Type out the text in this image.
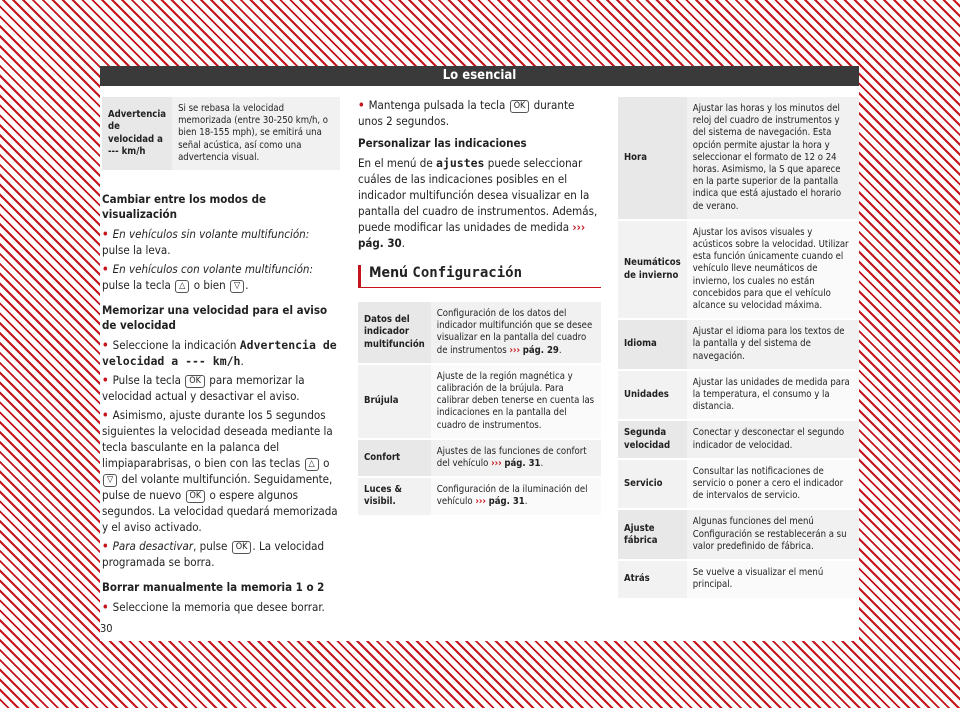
Lo esencial
Advertencia de velocidad a --- km/h	Si se rebasa la velocidad memorizada (entre 30-250 km/h, o bien 18-155 mph), se emitirá una señal acústica, así como una advertencia visual.

Cambiar entre los modos de visualización

• En vehículos sin volante multifunción: pulse la leva.

• En vehículos con volante multifunción: pulse la tecla △ o bien ▽ .

Memorizar una velocidad para el aviso de velocidad

• Seleccione la indicación Advertencia de velocidad a --- km/h.

• Pulse la tecla OK para memorizar la velocidad actual y desactivar el aviso.

• Asimismo, ajuste durante los 5 segundos siguientes la velocidad deseada mediante la tecla basculante en la palanca del limpiaparabrisas, o bien con las teclas △ o ▽ del volante multifunción. Seguidamente, pulse de nuevo OK o espere algunos segundos. La velocidad quedará memorizada y el aviso activado.

• Para desactivar, pulse OK . La velocidad programada se borra.

Borrar manualmente la memoria 1 o 2

• Seleccione la memoria que desee borrar.

• Mantenga pulsada la tecla OK durante unos 2 segundos.

Personalizar las indicaciones

En el menú de ajustes puede seleccionar cuáles de las indicaciones posibles en el indicador multifunción desea visualizar en la pantalla del cuadro de instrumentos. Además, puede modificar las unidades de medida ››› pág. 30.

Menú Configuración
Datos del indicador multifunción	Configuración de los datos del indicador multifunción que se desee visualizar en la pantalla del cuadro de instrumentos ››› pág. 29.
Brújula	Ajuste de la región magnética y calibración de la brújula. Para calibrar deben tenerse en cuenta las indicaciones en la pantalla del cuadro de instrumentos.
Confort	Ajustes de las funciones de confort del vehículo ››› pág. 31.
Luces & visibil.	Configuración de la iluminación del vehículo ››› pág. 31.
Hora	Ajustar las horas y los minutos del reloj del cuadro de instrumentos y del sistema de navegación. Esta opción permite ajustar la hora y seleccionar el formato de 12 o 24 horas. Asimismo, la S que aparece en la parte superior de la pantalla indica que está ajustado el horario de verano.
Neumáticos de invierno	Ajustar los avisos visuales y acústicos sobre la velocidad. Utilizar esta función únicamente cuando el vehículo lleve neumáticos de invierno, los cuales no están concebidos para que el vehículo alcance su velocidad máxima.
Idioma	Ajustar el idioma para los textos de la pantalla y del sistema de navegación.
Unidades	Ajustar las unidades de medida para la temperatura, el consumo y la distancia.
Segunda velocidad	Conectar y desconectar el segundo indicador de velocidad.
Servicio	Consultar las notificaciones de servicio o poner a cero el indicador de intervalos de servicio.
Ajuste fábrica	Algunas funciones del menú Configuración se restablecerán a su valor predefinido de fábrica.
Atrás	Se vuelve a visualizar el menú principal.
30
